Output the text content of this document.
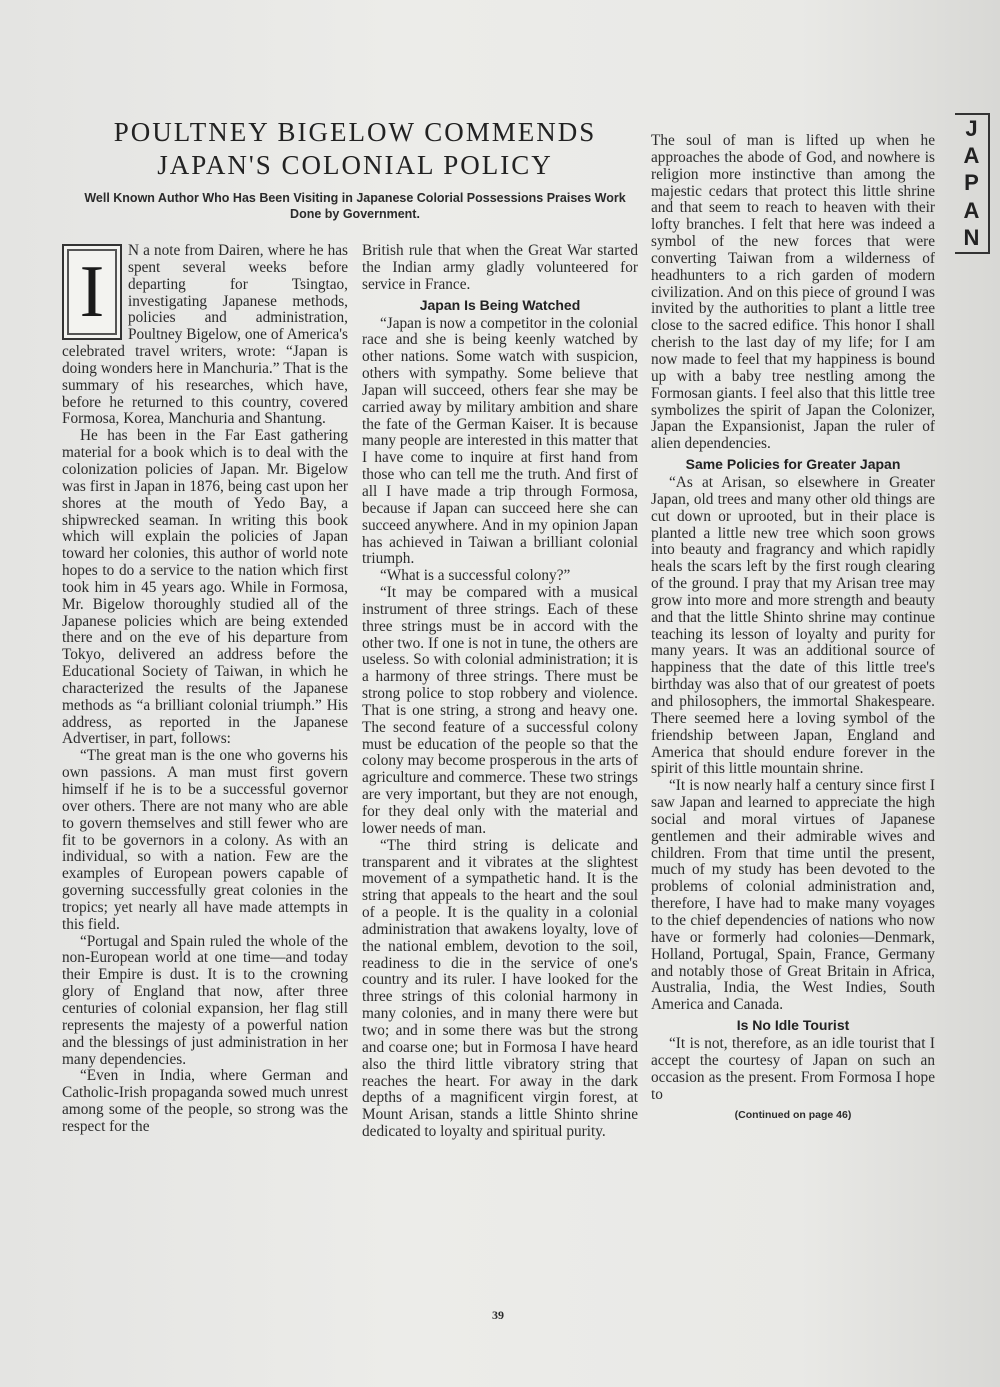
POULTNEY BIGELOW COMMENDS
JAPAN'S COLONIAL POLICY
Well Known Author Who Has Been Visiting in Japanese Colorial Possessions Praises Work Done by Government.

I
N a note from Dairen, where he has spent several weeks before departing for Tsingtao, investigating Japanese methods, policies and administration, Poultney Bigelow, one of America's celebrated travel writers, wrote: “Japan is doing wonders here in Manchuria.” That is the summary of his researches, which have, before he returned to this country, covered Formosa, Korea, Manchuria and Shantung.

He has been in the Far East gathering material for a book which is to deal with the colonization policies of Japan. Mr. Bigelow was first in Japan in 1876, being cast upon her shores at the mouth of Yedo Bay, a shipwrecked seaman. In writing this book which will explain the policies of Japan toward her colonies, this author of world note hopes to do a service to the nation which first took him in 45 years ago. While in Formosa, Mr. Bigelow thoroughly studied all of the Japanese policies which are being extended there and on the eve of his departure from Tokyo, delivered an address before the Educational Society of Taiwan, in which he characterized the results of the Japanese methods as “a brilliant colonial triumph.” His address, as reported in the Japanese Advertiser, in part, follows:

“The great man is the one who governs his own passions. A man must first govern himself if he is to be a successful governor over others. There are not many who are able to govern themselves and still fewer who are fit to be governors in a colony. As with an individual, so with a nation. Few are the examples of European powers capable of governing successfully great colonies in the tropics; yet nearly all have made attempts in this field.

“Portugal and Spain ruled the whole of the non-European world at one time—and today their Empire is dust. It is to the crowning glory of England that now, after three centuries of colonial expansion, her flag still represents the majesty of a powerful nation and the blessings of just administration in her many dependencies.

“Even in India, where German and Catholic-Irish propaganda sowed much unrest among some of the people, so strong was the respect for the

British rule that when the Great War started the Indian army gladly volunteered for service in France.

Japan Is Being Watched

“Japan is now a competitor in the colonial race and she is being keenly watched by other nations. Some watch with suspicion, others with sympathy. Some believe that Japan will succeed, others fear she may be carried away by military ambition and share the fate of the German Kaiser. It is because many people are interested in this matter that I have come to inquire at first hand from those who can tell me the truth. And first of all I have made a trip through Formosa, because if Japan can succeed here she can succeed anywhere. And in my opinion Japan has achieved in Taiwan a brilliant colonial triumph.

“What is a successful colony?”

“It may be compared with a musical instrument of three strings. Each of these three strings must be in accord with the other two. If one is not in tune, the others are useless. So with colonial administration; it is a harmony of three strings. There must be strong police to stop robbery and violence. That is one string, a strong and heavy one. The second feature of a successful colony must be education of the people so that the colony may become prosperous in the arts of agriculture and commerce. These two strings are very important, but they are not enough, for they deal only with the material and lower needs of man.

“The third string is delicate and transparent and it vibrates at the slightest movement of a sympathetic hand. It is the string that appeals to the heart and the soul of a people. It is the quality in a colonial administration that awakens loyalty, love of the national emblem, devotion to the soil, readiness to die in the service of one's country and its ruler. I have looked for the three strings of this colonial harmony in many colonies, and in many there were but two; and in some there was but the strong and coarse one; but in Formosa I have heard also the third little vibratory string that reaches the heart. For away in the dark depths of a magnificent virgin forest, at Mount Arisan, stands a little Shinto shrine dedicated to loyalty and spiritual purity.

The soul of man is lifted up when he approaches the abode of God, and nowhere is religion more instinctive than among the majestic cedars that protect this little shrine and that seem to reach to heaven with their lofty branches. I felt that here was indeed a symbol of the new forces that were converting Taiwan from a wilderness of headhunters to a rich garden of modern civilization. And on this piece of ground I was invited by the authorities to plant a little tree close to the sacred edifice. This honor I shall cherish to the last day of my life; for I am now made to feel that my happiness is bound up with a baby tree nestling among the Formosan giants. I feel also that this little tree symbolizes the spirit of Japan the Colonizer, Japan the Expansionist, Japan the ruler of alien dependencies.

Same Policies for Greater Japan

“As at Arisan, so elsewhere in Greater Japan, old trees and many other old things are cut down or uprooted, but in their place is planted a little new tree which soon grows into beauty and fragrancy and which rapidly heals the scars left by the first rough clearing of the ground. I pray that my Arisan tree may grow into more and more strength and beauty and that the little Shinto shrine may continue teaching its lesson of loyalty and purity for many years. It was an additional source of happiness that the date of this little tree's birthday was also that of our greatest of poets and philosophers, the immortal Shakespeare. There seemed here a loving symbol of the friendship between Japan, England and America that should endure forever in the spirit of this little mountain shrine.

“It is now nearly half a century since first I saw Japan and learned to appreciate the high social and moral virtues of Japanese gentlemen and their admirable wives and children. From that time until the present, much of my study has been devoted to the problems of colonial administration and, therefore, I have had to make many voyages to the chief dependencies of nations who now have or formerly had colonies—Denmark, Holland, Portugal, Spain, France, Germany and notably those of Great Britain in Africa, Australia, India, the West Indies, South America and Canada.

Is No Idle Tourist

“It is not, therefore, as an idle tourist that I accept the courtesy of Japan on such an occasion as the present. From Formosa I hope to

(Continued on page 46)
39
J
A
P
A
N
